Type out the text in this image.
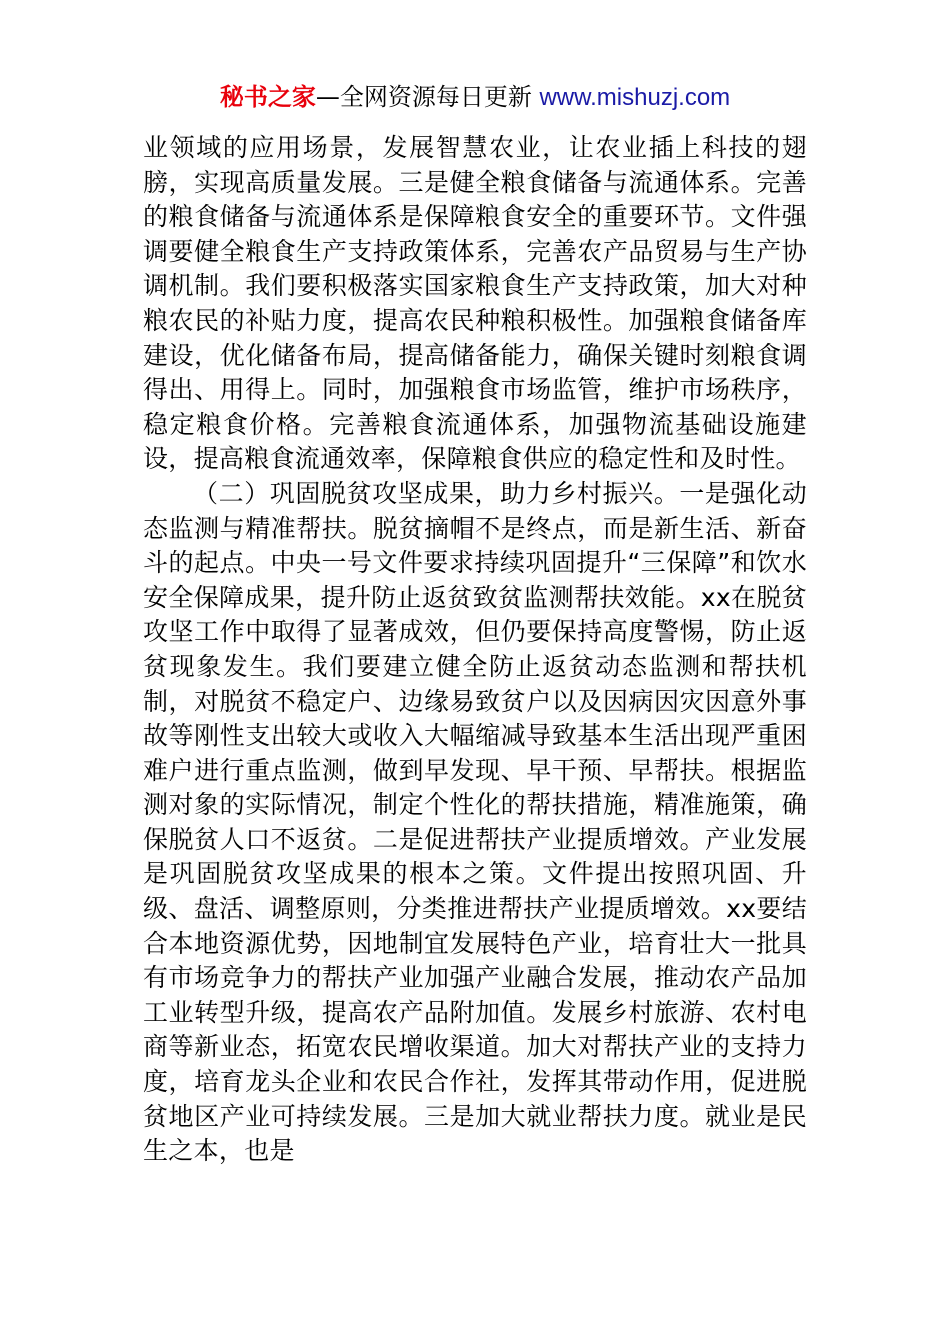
秘书之家—全网资源每日更新 www.mishuzj.com

业领域的应用场景，发展智慧农业，让农业插上科技的翅膀，实现高质量发展。三是健全粮食储备与流通体系。完善的粮食储备与流通体系是保障粮食安全的重要环节。文件强调要健全粮食生产支持政策体系，完善农产品贸易与生产协调机制。我们要积极落实国家粮食生产支持政策，加大对种粮农民的补贴力度，提高农民种粮积极性。加强粮食储备库建设，优化储备布局，提高储备能力，确保关键时刻粮食调得出、用得上。同时，加强粮食市场监管，维护市场秩序，稳定粮食价格。完善粮食流通体系，加强物流基础设施建设，提高粮食流通效率，保障粮食供应的稳定性和及时性。

（二）巩固脱贫攻坚成果，助力乡村振兴。一是强化动态监测与精准帮扶。脱贫摘帽不是终点，而是新生活、新奋斗的起点。中央一号文件要求持续巩固提升“三保障”和饮水安全保障成果，提升防止返贫致贫监测帮扶效能。xx在脱贫攻坚工作中取得了显著成效，但仍要保持高度警惕，防止返贫现象发生。我们要建立健全防止返贫动态监测和帮扶机制，对脱贫不稳定户、边缘易致贫户以及因病因灾因意外事故等刚性支出较大或收入大幅缩减导致基本生活出现严重困难户进行重点监测，做到早发现、早干预、早帮扶。根据监测对象的实际情况，制定个性化的帮扶措施，精准施策，确保脱贫人口不返贫。二是促进帮扶产业提质增效。产业发展是巩固脱贫攻坚成果的根本之策。文件提出按照巩固、升级、盘活、调整原则，分类推进帮扶产业提质增效。xx要结合本地资源优势，因地制宜发展特色产业，培育壮大一批具有市场竞争力的帮扶产业加强产业融合发展，推动农产品加工业转型升级，提高农产品附加值。发展乡村旅游、农村电商等新业态，拓宽农民增收渠道。加大对帮扶产业的支持力度，培育龙头企业和农民合作社，发挥其带动作用，促进脱贫地区产业可持续发展。三是加大就业帮扶力度。就业是民生之本，也是
